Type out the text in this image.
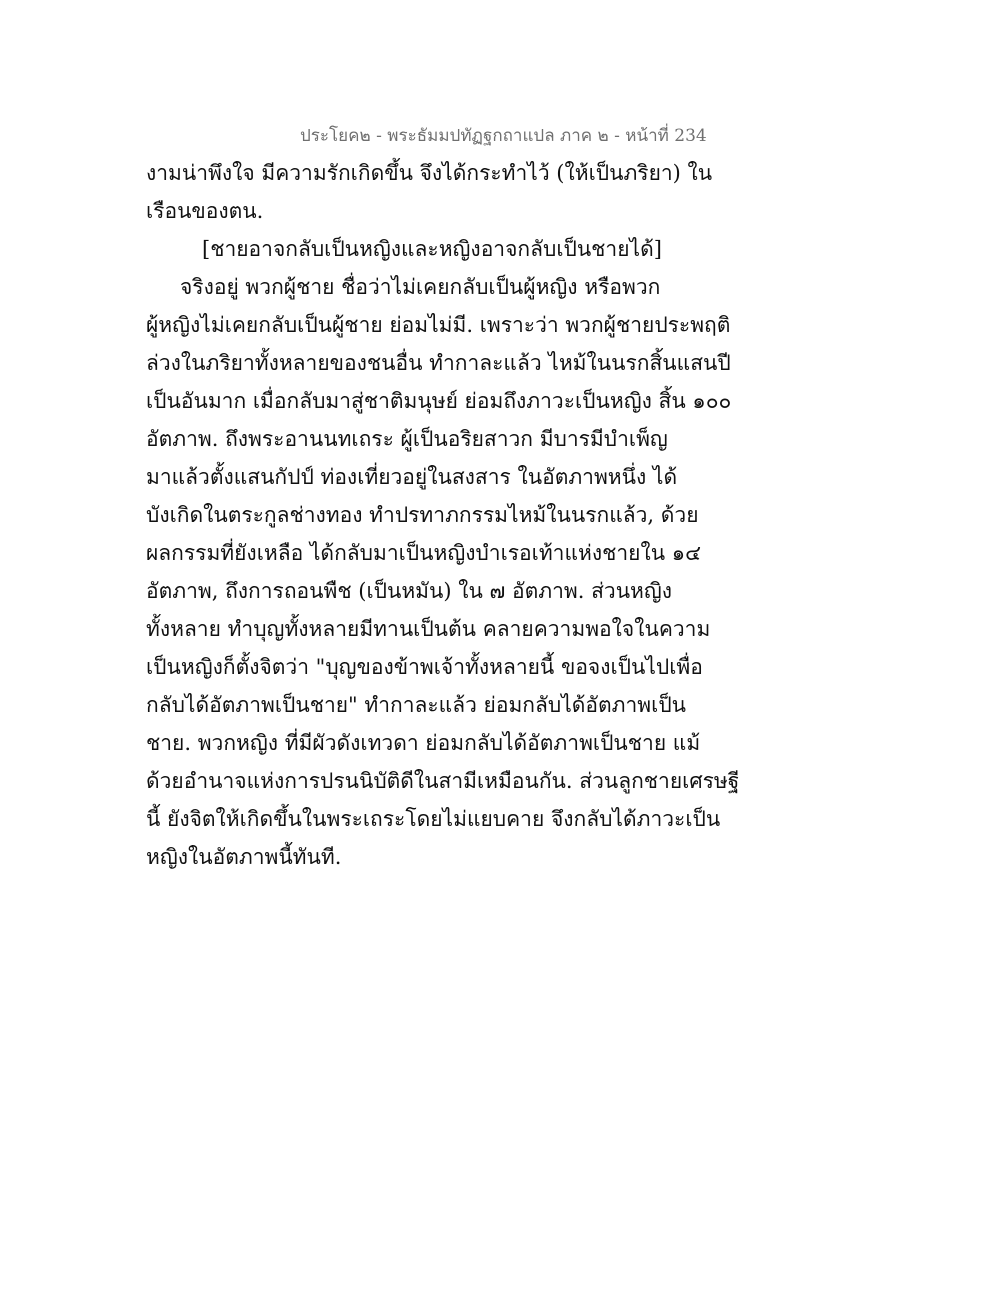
ประโยค๒ - พระธัมมปทัฏฐกถาแปล ภาค ๒ - หน้าที่ 234
งามน่าพึงใจ มีความรักเกิดขึ้น จึงได้กระทำไว้ (ให้เป็นภริยา) ใน
เรือนของตน.
[ชายอาจกลับเป็นหญิงและหญิงอาจกลับเป็นชายได้]
จริงอยู่ พวกผู้ชาย ชื่อว่าไม่เคยกลับเป็นผู้หญิง หรือพวก
ผู้หญิงไม่เคยกลับเป็นผู้ชาย ย่อมไม่มี. เพราะว่า พวกผู้ชายประพฤติ
ล่วงในภริยาทั้งหลายของชนอื่น ทำกาละแล้ว ไหม้ในนรกสิ้นแสนปี
เป็นอันมาก เมื่อกลับมาสู่ชาติมนุษย์ ย่อมถึงภาวะเป็นหญิง สิ้น ๑๐๐
อัตภาพ. ถึงพระอานนทเถระ ผู้เป็นอริยสาวก มีบารมีบำเพ็ญ
มาแล้วตั้งแสนกัปป์ ท่องเที่ยวอยู่ในสงสาร ในอัตภาพหนึ่ง ได้
บังเกิดในตระกูลช่างทอง ทำปรทาภกรรมไหม้ในนรกแล้ว, ด้วย
ผลกรรมที่ยังเหลือ ได้กลับมาเป็นหญิงบำเรอเท้าแห่งชายใน ๑๔
อัตภาพ, ถึงการถอนพืช (เป็นหมัน) ใน ๗ อัตภาพ. ส่วนหญิง
ทั้งหลาย ทำบุญทั้งหลายมีทานเป็นต้น คลายความพอใจในความ
เป็นหญิงก็ตั้งจิตว่า "บุญของข้าพเจ้าทั้งหลายนี้ ขอจงเป็นไปเพื่อ
กลับได้อัตภาพเป็นชาย" ทำกาละแล้ว ย่อมกลับได้อัตภาพเป็น
ชาย. พวกหญิง ที่มีผัวดังเทวดา ย่อมกลับได้อัตภาพเป็นชาย แม้
ด้วยอำนาจแห่งการปรนนิบัติดีในสามีเหมือนกัน. ส่วนลูกชายเศรษฐี
นี้ ยังจิตให้เกิดขึ้นในพระเถระโดยไม่แยบคาย จึงกลับได้ภาวะเป็น
หญิงในอัตภาพนี้ทันที.
